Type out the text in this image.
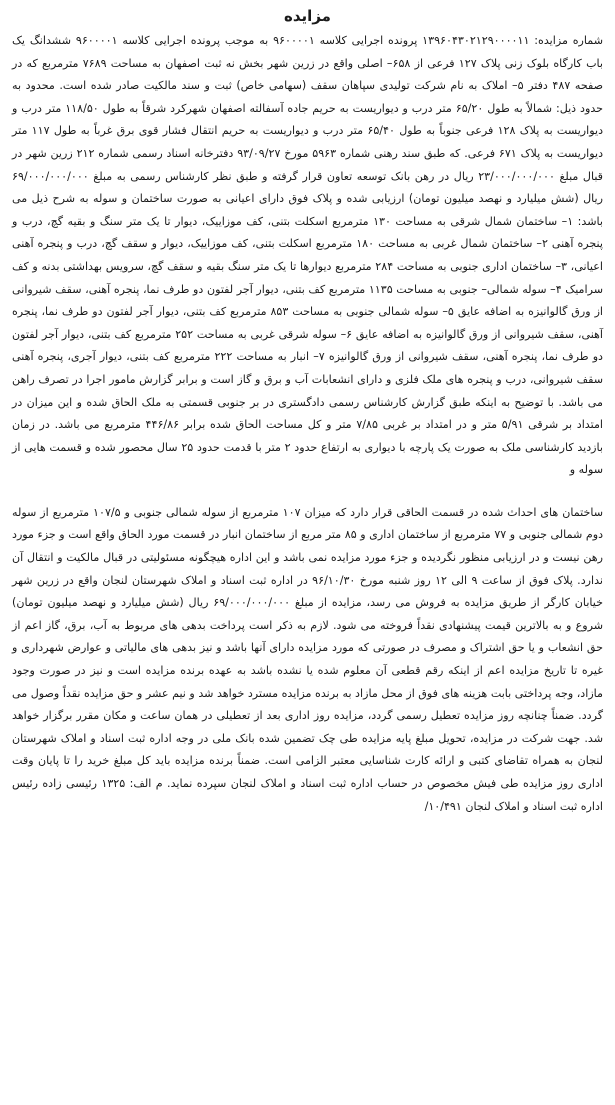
مزایده

شماره مزایده: ۱۳۹۶۰۴۳۰۲۱۲۹۰۰۰۰۱۱ پرونده اجرایی کلاسه ۹۶۰۰۰۰۱ به موجب پرونده اجرایی کلاسه ۹۶۰۰۰۰۱ ششدانگ یک باب کارگاه بلوک زنی پلاک ۱۲۷ فرعی از ۶۵۸– اصلی واقع در زرین شهر بخش نه ثبت اصفهان به مساحت ۷۶۸۹ مترمربع که در صفحه ۴۸۷ دفتر ۵– املاک به نام شرکت تولیدی سپاهان سقف (سهامی خاص) ثبت و سند مالکیت صادر شده است. محدود به حدود ذیل: شمالاً به طول ۶۵/۲۰ متر درب و دیواریست به حریم جاده آسفالته اصفهان شهرکرد شرقاً به طول ۱۱۸/۵۰ متر درب و دیواریست به پلاک ۱۲۸ فرعی جنوباً به طول ۶۵/۴۰ متر درب و دیواریست به حریم انتقال فشار قوی برق غرباً به طول ۱۱۷ متر دیواریست به پلاک ۶۷۱ فرعی. که طبق سند رهنی شماره ۵۹۶۳ مورخ ۹۳/۰۹/۲۷ دفترخانه اسناد رسمی شماره ۲۱۲ زرین شهر در قبال مبلغ ۲۳/۰۰۰/۰۰۰/۰۰۰ ریال در رهن بانک توسعه تعاون قرار گرفته و طبق نظر کارشناس رسمی به مبلغ ۶۹/۰۰۰/۰۰۰/۰۰۰ ریال (شش میلیارد و نهصد میلیون تومان) ارزیابی شده و پلاک فوق دارای اعیانی به صورت ساختمان و سوله به شرح ذیل می باشد: ۱– ساختمان شمال شرقی به مساحت ۱۳۰ مترمربع اسکلت بتنی، کف موزاییک، دیوار تا یک متر سنگ و بقیه گچ، درب و پنجره آهنی ۲– ساختمان شمال غربی به مساحت ۱۸۰ مترمربع اسکلت بتنی، کف موزاییک، دیوار و سقف گچ، درب و پنجره آهنی اعیانی، ۳– ساختمان اداری جنوبی به مساحت ۲۸۴ مترمربع دیوارها تا یک متر سنگ بقیه و سقف گچ، سرویس بهداشتی بدنه و کف سرامیک ۴– سوله شمالی– جنوبی به مساحت ۱۱۳۵ مترمربع کف بتنی، دیوار آجر لفتون دو طرف نما، پنجره آهنی، سقف شیروانی از ورق گالوانیزه به اضافه عایق ۵– سوله شمالی جنوبی به مساحت ۸۵۳ مترمربع کف بتنی، دیوار آجر لفتون دو طرف نما، پنجره آهنی، سقف شیروانی از ورق گالوانیزه به اضافه عایق ۶– سوله شرقی غربی به مساحت ۲۵۲ مترمربع کف بتنی، دیوار آجر لفتون دو طرف نما، پنجره آهنی، سقف شیروانی از ورق گالوانیزه ۷– انبار به مساحت ۲۲۲ مترمربع کف بتنی، دیوار آجری، پنجره آهنی سقف شیروانی، درب و پنجره های ملک فلزی و دارای انشعابات آب و برق و گاز است و برابر گزارش مامور اجرا در تصرف راهن می باشد. با توضیح به اینکه طبق گزارش کارشناس رسمی دادگستری در بر جنوبی قسمتی به ملک الحاق شده و این میزان در امتداد بر شرقی ۵/۹۱ متر و در امتداد بر غربی ۷/۸۵ متر و کل مساحت الحاق شده برابر ۴۴۶/۸۶ مترمربع می باشد. در زمان بازدید کارشناسی ملک به صورت یک پارچه با دیواری به ارتفاع حدود ۲ متر با قدمت حدود ۲۵ سال محصور شده و قسمت هایی از سوله و

ساختمان های احداث شده در قسمت الحاقی قرار دارد که میزان ۱۰۷ مترمربع از سوله شمالی جنوبی و ۱۰۷/۵ مترمربع از سوله دوم شمالی جنوبی و ۷۷ مترمربع از ساختمان اداری و ۸۵ متر مربع از ساختمان انبار در قسمت مورد الحاق واقع است و جزء مورد رهن نیست و در ارزیابی منظور نگردیده و جزء مورد مزایده نمی باشد و این اداره هیچگونه مسئولیتی در قبال مالکیت و انتقال آن ندارد. پلاک فوق از ساعت ۹ الی ۱۲ روز شنبه مورخ ۹۶/۱۰/۳۰ در اداره ثبت اسناد و املاک شهرستان لنجان واقع در زرین شهر خیابان کارگر از طریق مزایده به فروش می رسد، مزایده از مبلغ ۶۹/۰۰۰/۰۰۰/۰۰۰ ریال (شش میلیارد و نهصد میلیون تومان) شروع و به بالاترین قیمت پیشنهادی نقداً فروخته می شود. لازم به ذکر است پرداخت بدهی های مربوط به آب، برق، گاز اعم از حق انشعاب و یا حق اشتراک و مصرف در صورتی که مورد مزایده دارای آنها باشد و نیز بدهی های مالیاتی و عوارض شهرداری و غیره تا تاریخ مزایده اعم از اینکه رقم قطعی آن معلوم شده یا نشده باشد به عهده برنده مزایده است و نیز در صورت وجود مازاد، وجه پرداختی بابت هزینه های فوق از محل مازاد به برنده مزایده مسترد خواهد شد و نیم عشر و حق مزایده نقداً وصول می گردد. ضمناً چنانچه روز مزایده تعطیل رسمی گردد، مزایده روز اداری بعد از تعطیلی در همان ساعت و مکان مقرر برگزار خواهد شد. جهت شرکت در مزایده، تحویل مبلغ پایه مزایده طی چک تضمین شده بانک ملی در وجه اداره ثبت اسناد و املاک شهرستان لنجان به همراه تقاضای کتبی و ارائه کارت شناسایی معتبر الزامی است. ضمناً برنده مزایده باید کل مبلغ خرید را تا پایان وقت اداری روز مزایده طی فیش مخصوص در حساب اداره ثبت اسناد و املاک لنجان سپرده نماید. م الف: ۱۳۲۵ رئیسی زاده رئیس اداره ثبت اسناد و املاک لنجان ۱۰/۴۹۱/
